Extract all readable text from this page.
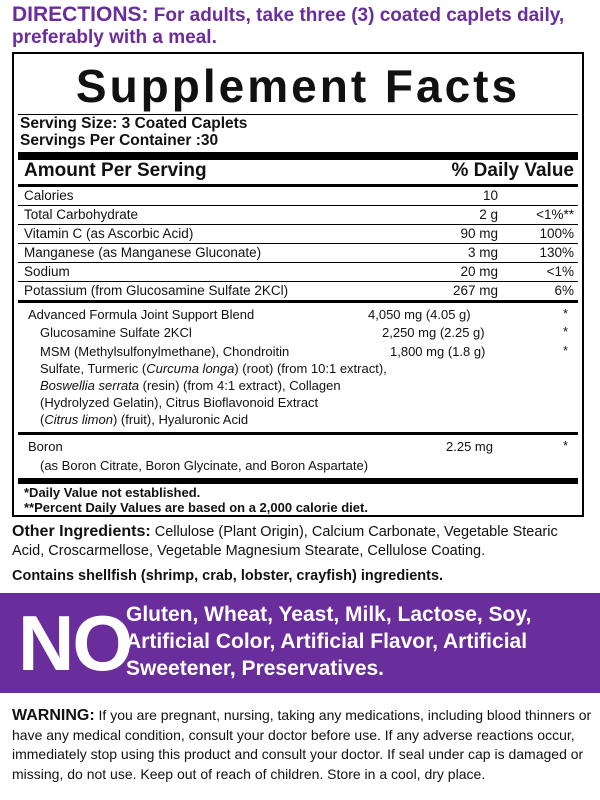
DIRECTIONS: For adults, take three (3) coated caplets daily, preferably with a meal.
Supplement Facts
Serving Size: 3 Coated Caplets
Servings Per Container :30
Amount Per Serving	% Daily Value
Calories	10
Total Carbohydrate	2 g	<1%**
Vitamin C (as Ascorbic Acid)	90 mg	100%
Manganese (as Manganese Gluconate)	3 mg	130%
Sodium	20 mg	<1%
Potassium (from Glucosamine Sulfate 2KCl)	267 mg	6%
Advanced Formula Joint Support Blend	4,050 mg (4.05 g)	*
Glucosamine Sulfate 2KCl	2,250 mg (2.25 g)	*
MSM (Methylsulfonylmethane), Chondroitin	1,800 mg (1.8 g)	*
Sulfate, Turmeric (Curcuma longa) (root) (from 10:1 extract),
Boswellia serrata (resin) (from 4:1 extract), Collagen
(Hydrolyzed Gelatin), Citrus Bioflavonoid Extract
(Citrus limon) (fruit), Hyaluronic Acid
Boron	2.25 mg	*
(as Boron Citrate, Boron Glycinate, and Boron Aspartate)
*Daily Value not established.
**Percent Daily Values are based on a 2,000 calorie diet.
Other Ingredients: Cellulose (Plant Origin), Calcium Carbonate, Vegetable Stearic Acid, Croscarmellose, Vegetable Magnesium Stearate, Cellulose Coating.
Contains shellfish (shrimp, crab, lobster, crayfish) ingredients.
NO
Gluten, Wheat, Yeast, Milk, Lactose, Soy, Artificial Color, Artificial Flavor, Artificial Sweetener, Preservatives.
WARNING: If you are pregnant, nursing, taking any medications, including blood thinners or have any medical condition, consult your doctor before use. If any adverse reactions occur, immediately stop using this product and consult your doctor. If seal under cap is damaged or missing, do not use. Keep out of reach of children. Store in a cool, dry place.
